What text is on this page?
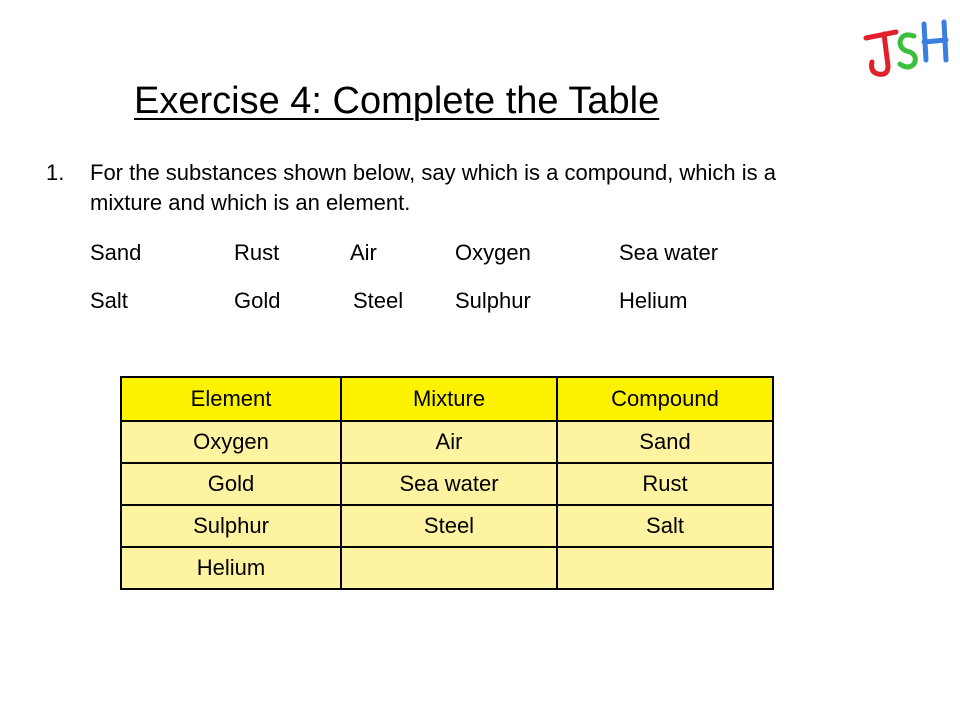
Exercise 4: Complete the Table
1. For the substances shown below, say which is a compound, which is a mixture and which is an element.
Sand	Rust	Air	Oxygen	Sea water
Salt	Gold	Steel Sulphur	Helium
Element	Mixture	Compound
Oxygen	Air	Sand
Gold	Sea water	Rust
Sulphur	Steel	Salt
Helium		
